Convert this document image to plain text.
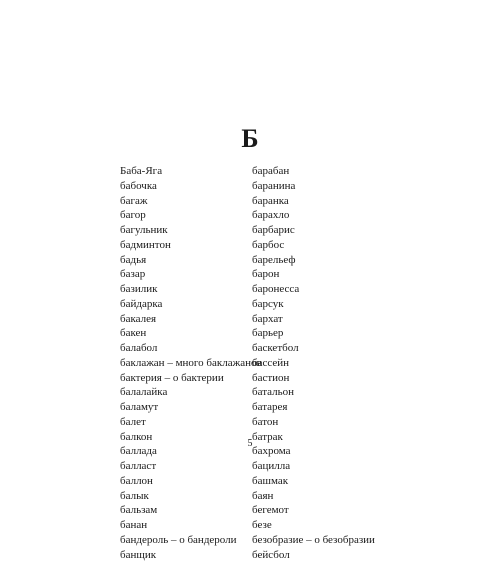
Б
Баба-Яга
бабочка
багаж
багор
багульник
бадминтон
бадья
базар
базилик
байдарка
бакалея
бакен
балабол
баклажан – много баклажанов
бактерия – о бактерии
балалайка
баламут
балет
балкон
баллада
балласт
баллон
балык
бальзам
банан
бандероль – о бандероли
банщик
барабан
баранина
баранка
барахло
барбарис
барбос
барельеф
барон
баронесса
барсук
бархат
барьер
баскетбол
бассейн
бастион
батальон
батарея
батон
батрак
бахрома
бацилла
башмак
баян
бегемот
безе
безобразие – о безобразии
бейсбол
5
